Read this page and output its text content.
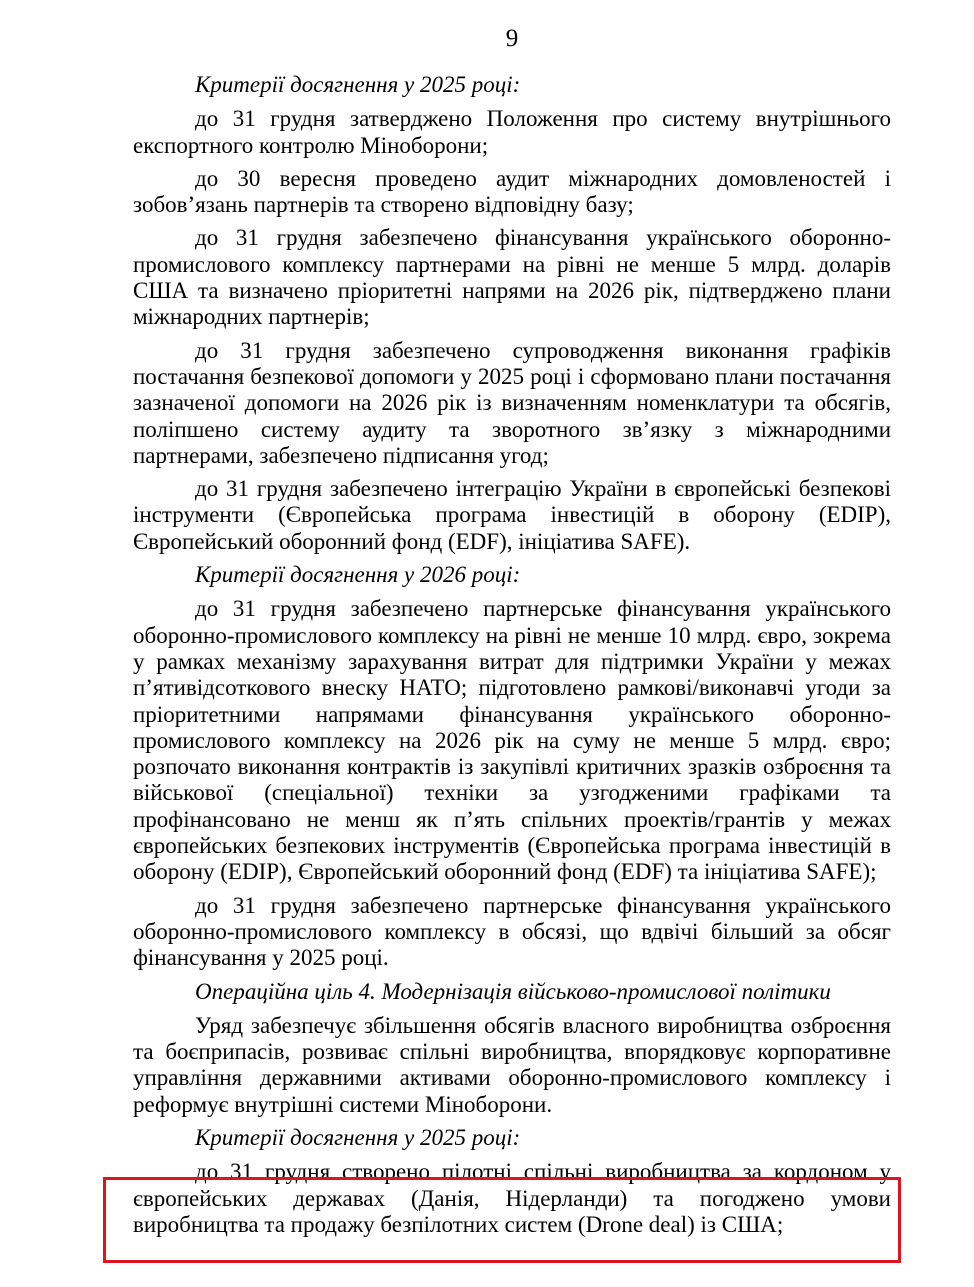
9
Критерії досягнення у 2025 році:

до 31 грудня затверджено Положення про систему внутрішнього експортного контролю Міноборони;

до 30 вересня проведено аудит міжнародних домовленостей і зобов’язань партнерів та створено відповідну базу;

до 31 грудня забезпечено фінансування українського оборонно-промислового комплексу партнерами на рівні не менше 5 млрд. доларів США та визначено пріоритетні напрями на 2026 рік, підтверджено плани міжнародних партнерів;

до 31 грудня забезпечено супроводження виконання графіків постачання безпекової допомоги у 2025 році і сформовано плани постачання зазначеної допомоги на 2026 рік із визначенням номенклатури та обсягів, поліпшено систему аудиту та зворотного зв’язку з міжнародними партнерами, забезпечено підписання угод;

до 31 грудня забезпечено інтеграцію України в європейські безпекові інструменти (Європейська програма інвестицій в оборону (EDIP), Європейський оборонний фонд (EDF), ініціатива SAFE).

Критерії досягнення у 2026 році:

до 31 грудня забезпечено партнерське фінансування українського оборонно-промислового комплексу на рівні не менше 10 млрд. євро, зокрема у рамках механізму зарахування витрат для підтримки України у межах п’ятивідсоткового внеску НАТО; підготовлено рамкові/виконавчі угоди за пріоритетними напрямами фінансування українського оборонно-промислового комплексу на 2026 рік на суму не менше 5 млрд. євро; розпочато виконання контрактів із закупівлі критичних зразків озброєння та військової (спеціальної) техніки за узгодженими графіками та профінансовано не менш як п’ять спільних проектів/грантів у межах європейських безпекових інструментів (Європейська програма інвестицій в оборону (EDIP), Європейський оборонний фонд (EDF) та ініціатива SAFE);

до 31 грудня забезпечено партнерське фінансування українського оборонно-промислового комплексу в обсязі, що вдвічі більший за обсяг фінансування у 2025 році.

Операційна ціль 4. Модернізація військово-промислової політики

Уряд забезпечує збільшення обсягів власного виробництва озброєння та боєприпасів, розвиває спільні виробництва, впорядковує корпоративне управління державними активами оборонно-промислового комплексу і реформує внутрішні системи Міноборони.

Критерії досягнення у 2025 році:

до 31 грудня створено пілотні спільні виробництва за кордоном у європейських державах (Данія, Нідерланди) та погоджено умови виробництва та продажу безпілотних систем (Drone deal) із США;
